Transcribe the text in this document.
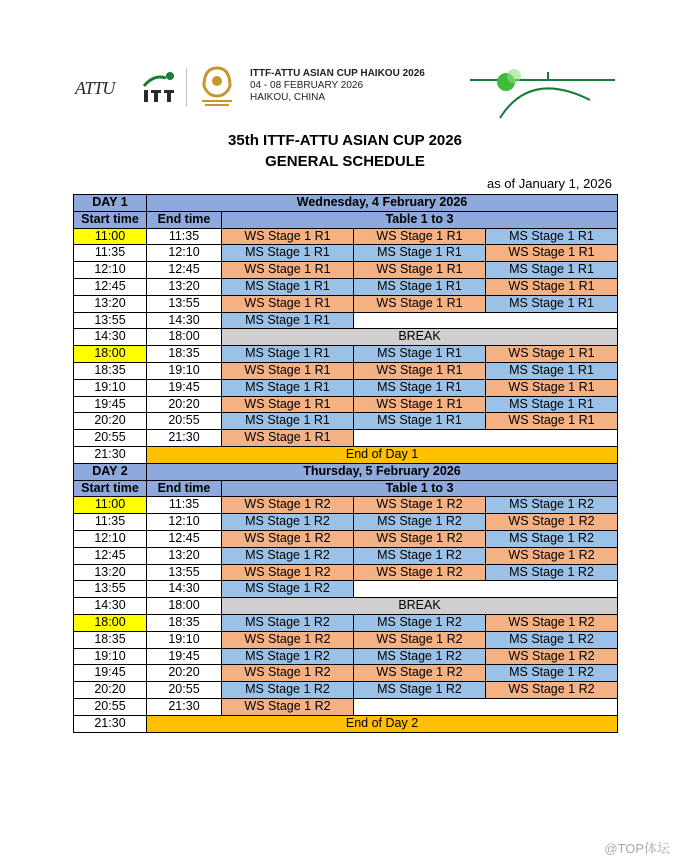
ATTU
ITTF-ATTU ASIAN CUP HAIKOU 2026
04 - 08 FEBRUARY 2026
HAIKOU, CHINA
35th ITTF-ATTU ASIAN CUP 2026
GENERAL SCHEDULE
as of January 1, 2026
DAY 1	Wednesday, 4 February 2026			
Start time	End time	Table 1 to 3		
11:00	11:35	WS Stage 1 R1	WS Stage 1 R1	MS Stage 1 R1
11:35	12:10	MS Stage 1 R1	MS Stage 1 R1	WS Stage 1 R1
12:10	12:45	WS Stage 1 R1	WS Stage 1 R1	MS Stage 1 R1
12:45	13:20	MS Stage 1 R1	MS Stage 1 R1	WS Stage 1 R1
13:20	13:55	WS Stage 1 R1	WS Stage 1 R1	MS Stage 1 R1
13:55	14:30	MS Stage 1 R1		
14:30	18:00	BREAK		
18:00	18:35	MS Stage 1 R1	MS Stage 1 R1	WS Stage 1 R1
18:35	19:10	WS Stage 1 R1	WS Stage 1 R1	MS Stage 1 R1
19:10	19:45	MS Stage 1 R1	MS Stage 1 R1	WS Stage 1 R1
19:45	20:20	WS Stage 1 R1	WS Stage 1 R1	MS Stage 1 R1
20:20	20:55	MS Stage 1 R1	MS Stage 1 R1	WS Stage 1 R1
20:55	21:30	WS Stage 1 R1		
21:30	End of Day 1			
DAY 2	Thursday, 5 February 2026			
Start time	End time	Table 1 to 3		
11:00	11:35	WS Stage 1 R2	WS Stage 1 R2	MS Stage 1 R2
11:35	12:10	MS Stage 1 R2	MS Stage 1 R2	WS Stage 1 R2
12:10	12:45	WS Stage 1 R2	WS Stage 1 R2	MS Stage 1 R2
12:45	13:20	MS Stage 1 R2	MS Stage 1 R2	WS Stage 1 R2
13:20	13:55	WS Stage 1 R2	WS Stage 1 R2	MS Stage 1 R2
13:55	14:30	MS Stage 1 R2		
14:30	18:00	BREAK		
18:00	18:35	MS Stage 1 R2	MS Stage 1 R2	WS Stage 1 R2
18:35	19:10	WS Stage 1 R2	WS Stage 1 R2	MS Stage 1 R2
19:10	19:45	MS Stage 1 R2	MS Stage 1 R2	WS Stage 1 R2
19:45	20:20	WS Stage 1 R2	WS Stage 1 R2	MS Stage 1 R2
20:20	20:55	MS Stage 1 R2	MS Stage 1 R2	WS Stage 1 R2
20:55	21:30	WS Stage 1 R2		
21:30	End of Day 2			
@TOP体坛
